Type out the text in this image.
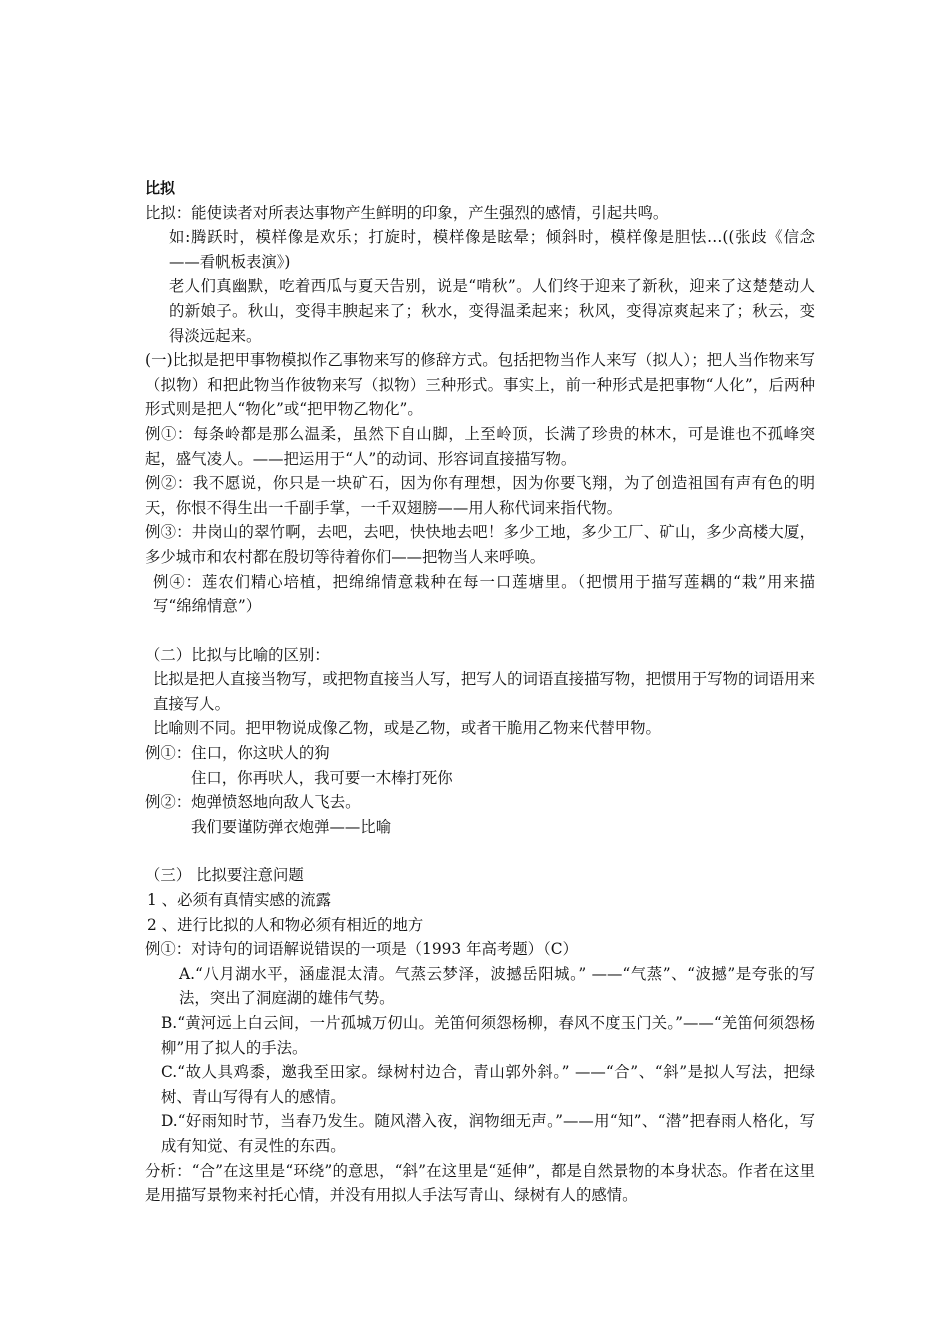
比拟

比拟：能使读者对所表达事物产生鲜明的印象，产生强烈的感情，引起共鸣。

如:腾跃时，模样像是欢乐；打旋时，模样像是眩晕；倾斜时，模样像是胆怯…((张歧《信念——看帆板表演》)

老人们真幽默，吃着西瓜与夏天告别，说是“啃秋”。人们终于迎来了新秋，迎来了这楚楚动人的新娘子。秋山，变得丰腴起来了；秋水，变得温柔起来；秋风，变得凉爽起来了；秋云，变得淡远起来。

(一)比拟是把甲事物模拟作乙事物来写的修辞方式。包括把物当作人来写（拟人）；把人当作物来写（拟物）和把此物当作彼物来写（拟物）三种形式。事实上，前一种形式是把事物“人化”，后两种形式则是把人“物化”或“把甲物乙物化”。

例①：每条岭都是那么温柔，虽然下自山脚，上至岭顶，长满了珍贵的林木，可是谁也不孤峰突起，盛气凌人。——把运用于“人”的动词、形容词直接描写物。

例②：我不愿说，你只是一块矿石，因为你有理想，因为你要飞翔，为了创造祖国有声有色的明天，你恨不得生出一千副手掌，一千双翅膀——用人称代词来指代物。

例③：井岗山的翠竹啊，去吧，去吧，快快地去吧！多少工地，多少工厂、矿山，多少高楼大厦，多少城市和农村都在殷切等待着你们——把物当人来呼唤。

例④：莲农们精心培植，把绵绵情意栽种在每一口莲塘里。（把惯用于描写莲耦的“栽”用来描写“绵绵情意”）

（二）比拟与比喻的区别：

比拟是把人直接当物写，或把物直接当人写，把写人的词语直接描写物，把惯用于写物的词语用来直接写人。

比喻则不同。把甲物说成像乙物，或是乙物，或者干脆用乙物来代替甲物。

例①：住口，你这吠人的狗

住口，你再吠人，我可要一木棒打死你

例②：炮弹愤怒地向敌人飞去。

我们要谨防弹衣炮弹——比喻

（三） 比拟要注意问题

1 、必须有真情实感的流露

2 、进行比拟的人和物必须有相近的地方

例①：对诗句的词语解说错误的一项是（1993 年高考题）（C）

A.“八月湖水平，涵虚混太清。气蒸云梦泽，波撼岳阳城。” ——“气蒸”、“波撼”是夸张的写法，突出了洞庭湖的雄伟气势。

B.“黄河远上白云间，一片孤城万仞山。羌笛何须怨杨柳，春风不度玉门关。”——“羌笛何须怨杨柳”用了拟人的手法。

C.“故人具鸡黍，邀我至田家。绿树村边合，青山郭外斜。” ——“合”、“斜”是拟人写法，把绿树、青山写得有人的感情。

D.“好雨知时节，当春乃发生。随风潜入夜，润物细无声。”——用“知”、“潜”把春雨人格化，写成有知觉、有灵性的东西。

分析：“合”在这里是“环绕”的意思，“斜”在这里是“延伸”，都是自然景物的本身状态。作者在这里是用描写景物来衬托心情，并没有用拟人手法写青山、绿树有人的感情。
